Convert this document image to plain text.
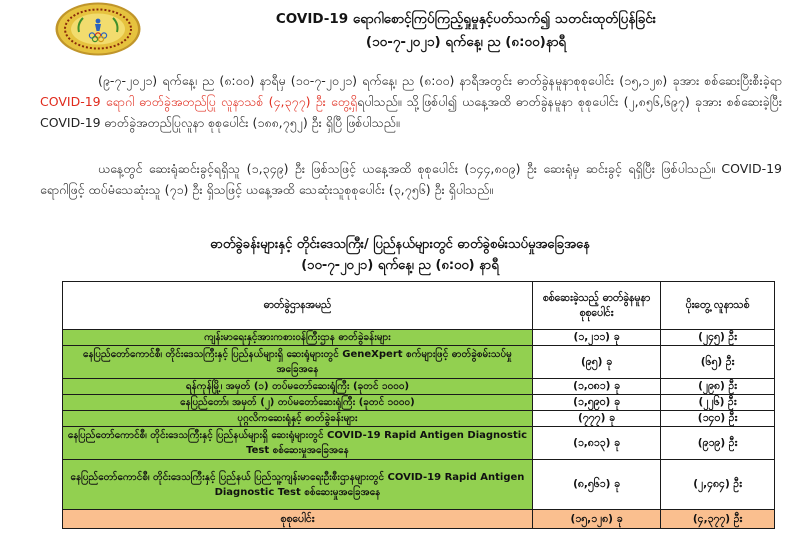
COVID-19 ရောဂါစောင့်ကြပ်ကြည့်ရှုမှုနှင့်ပတ်သက်၍ သတင်းထုတ်ပြန်ခြင်း
(၁၀-၇-၂၀၂၁) ရက်နေ့၊ ည (၈:၀၀)နာရီ
(၉-၇-၂၀၂၁) ရက်နေ့၊ ည (၈:၀၀) နာရီမှ (၁၀-၇-၂၀၂၁) ရက်နေ့၊ ည (၈:၀၀) နာရီအတွင်း ဓာတ်ခွဲနမူနာစုစုပေါင်း (၁၅,၁၂၈) ခုအား စစ်ဆေးပြီးစီးခဲ့ရာ COVID-19 ရောဂါ ဓာတ်ခွဲအတည်ပြု လူနာသစ် (၄,၃၇၇) ဦး တွေ့ရှိရပါသည်။ သို့ဖြစ်ပါ၍ ယနေ့အထိ ဓာတ်ခွဲနမူနာ စုစုပေါင်း (၂,၈၅၆,၆၉၇) ခုအား စစ်ဆေးခဲ့ပြီး COVID-19 ဓာတ်ခွဲအတည်ပြုလူနာ စုစုပေါင်း (၁၈၈,၇၅၂) ဦး ရှိပြီ ဖြစ်ပါသည်။
ယနေ့တွင် ဆေးရုံဆင်းခွင့်ရရှိသူ (၁,၃၄၉) ဦး ဖြစ်သဖြင့် ယနေ့အထိ စုစုပေါင်း (၁၄၄,၈၀၉) ဦး ဆေးရုံမှ ဆင်းခွင့် ရရှိပြီး ဖြစ်ပါသည်။ COVID-19 ရောဂါဖြင့် ထပ်မံသေဆုံးသူ (၇၁) ဦး ရှိသဖြင့် ယနေ့အထိ သေဆုံးသူစုစုပေါင်း (၃,၇၅၆) ဦး ရှိပါသည်။
ဓာတ်ခွဲခန်းများနှင့် တိုင်းဒေသကြီး/ ပြည်နယ်များတွင် ဓာတ်ခွဲစမ်းသပ်မှုအခြေအနေ
(၁၀-၇-၂၀၂၁) ရက်နေ့၊ ည (၈:၀၀) နာရီ
ဓာတ်ခွဲဌာနအမည်	စစ်ဆေးခဲ့သည့် ဓာတ်ခွဲနမူနာ စုစုပေါင်း	ပိုးတွေ့ လူနာသစ်
ကျန်းမာရေးနှင့်အားကစားဝန်ကြီးဌာန ဓာတ်ခွဲခန်းများ	(၁,၂၁၁) ခု	(၂၄၅) ဦး
နေပြည်တော်ကောင်စီ၊ တိုင်းဒေသကြီးနှင့် ပြည်နယ်များရှိ ဆေးရုံများတွင် GeneXpert စက်များဖြင့် ဓာတ်ခွဲစမ်းသပ်မှုအခြေအနေ	(၉၅) ခု	(၆၅) ဦး
ရန်ကုန်မြို့၊ အမှတ် (၁) တပ်မတော်ဆေးရုံကြီး (ခုတင် ၁၀၀၀)	(၁,၀၈၁) ခု	(၂၉၈) ဦး
နေပြည်တော်၊ အမှတ် (၂) တပ်မတော်ဆေးရုံကြီး (ခုတင် ၁၀၀၀)	(၁,၅၉၀) ခု	(၂၂၆) ဦး
ပုဂ္ဂလိကဆေးရုံနှင့် ဓာတ်ခွဲခန်းများ	(၇၇၇) ခု	(၁၄၀) ဦး
နေပြည်တော်ကောင်စီ၊ တိုင်းဒေသကြီးနှင့် ပြည်နယ်များရှိ ဆေးရုံများတွင် COVID-19 Rapid Antigen Diagnostic Test စစ်ဆေးမှုအခြေအနေ	(၁,၈၁၃) ခု	(၉၁၉) ဦး
နေပြည်တော်ကောင်စီ၊ တိုင်းဒေသကြီးနှင့် ပြည်နယ် ပြည်သူ့ကျန်းမာရေးဦးစီးဌာနများတွင် COVID-19 Rapid Antigen Diagnostic Test စစ်ဆေးမှုအခြေအနေ	(၈,၅၆၁) ခု	(၂,၄၈၄) ဦး
စုစုပေါင်း	(၁၅,၁၂၈) ခု	(၄,၃၇၇) ဦး
